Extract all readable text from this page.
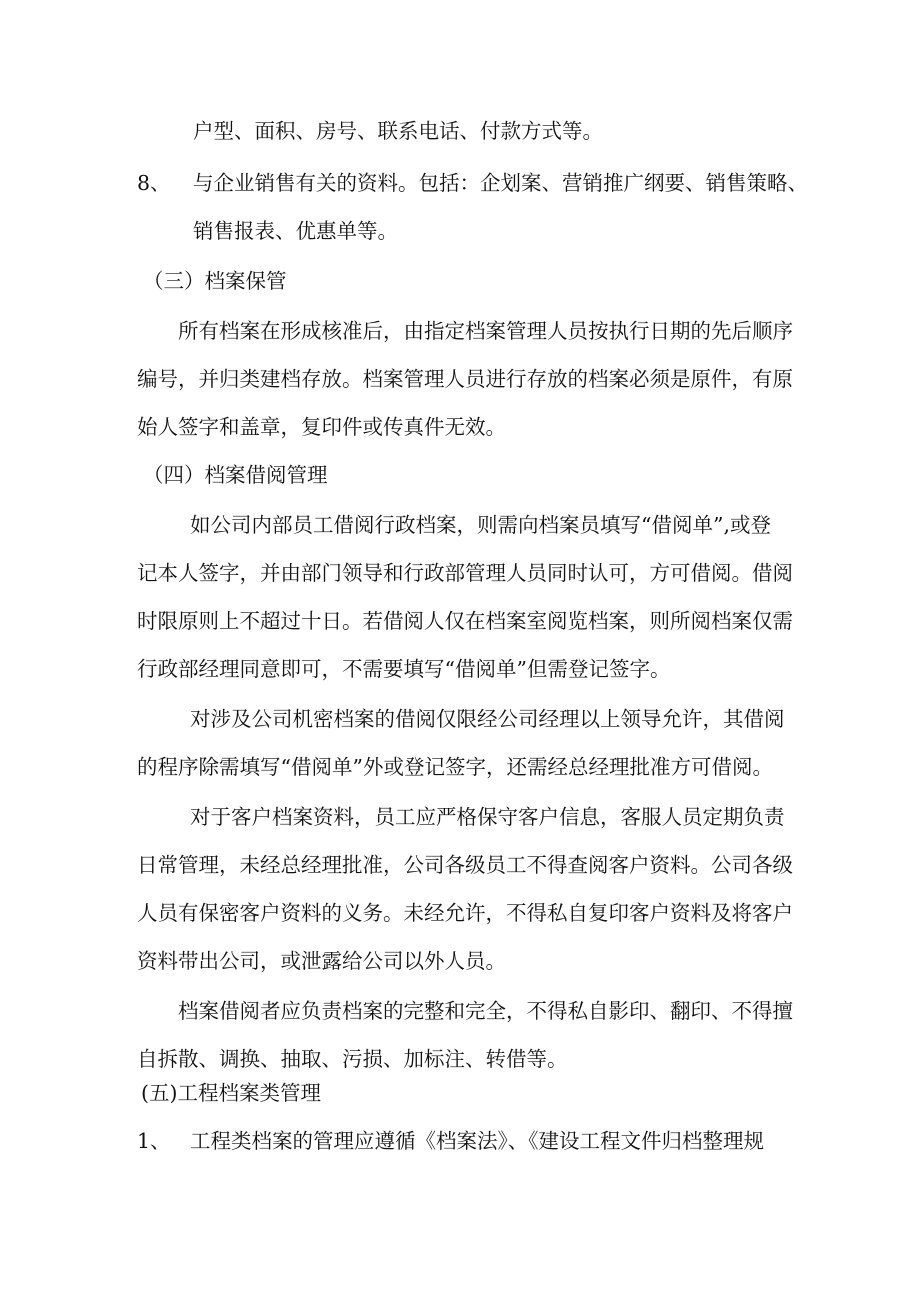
户型、面积、房号、联系电话、付款方式等。
8、 与企业销售有关的资料。包括：企划案、营销推广纲要、销售策略、
销售报表、优惠单等。
（三）档案保管
所有档案在形成核准后，由指定档案管理人员按执行日期的先后顺序
编号，并归类建档存放。档案管理人员进行存放的档案必须是原件，有原
始人签字和盖章，复印件或传真件无效。
（四）档案借阅管理
如公司内部员工借阅行政档案，则需向档案员填写“借阅单”,或登
记本人签字，并由部门领导和行政部管理人员同时认可，方可借阅。借阅
时限原则上不超过十日。若借阅人仅在档案室阅览档案，则所阅档案仅需
行政部经理同意即可，不需要填写“借阅单”但需登记签字。
对涉及公司机密档案的借阅仅限经公司经理以上领导允许，其借阅
的程序除需填写“借阅单”外或登记签字，还需经总经理批准方可借阅。
对于客户档案资料，员工应严格保守客户信息，客服人员定期负责
日常管理，未经总经理批准，公司各级员工不得查阅客户资料。公司各级
人员有保密客户资料的义务。未经允许，不得私自复印客户资料及将客户
资料带出公司，或泄露给公司以外人员。
档案借阅者应负责档案的完整和完全，不得私自影印、翻印、不得擅
自拆散、调换、抽取、污损、加标注、转借等。
(五)工程档案类管理
1、 工程类档案的管理应遵循《档案法》、《建设工程文件归档整理规
